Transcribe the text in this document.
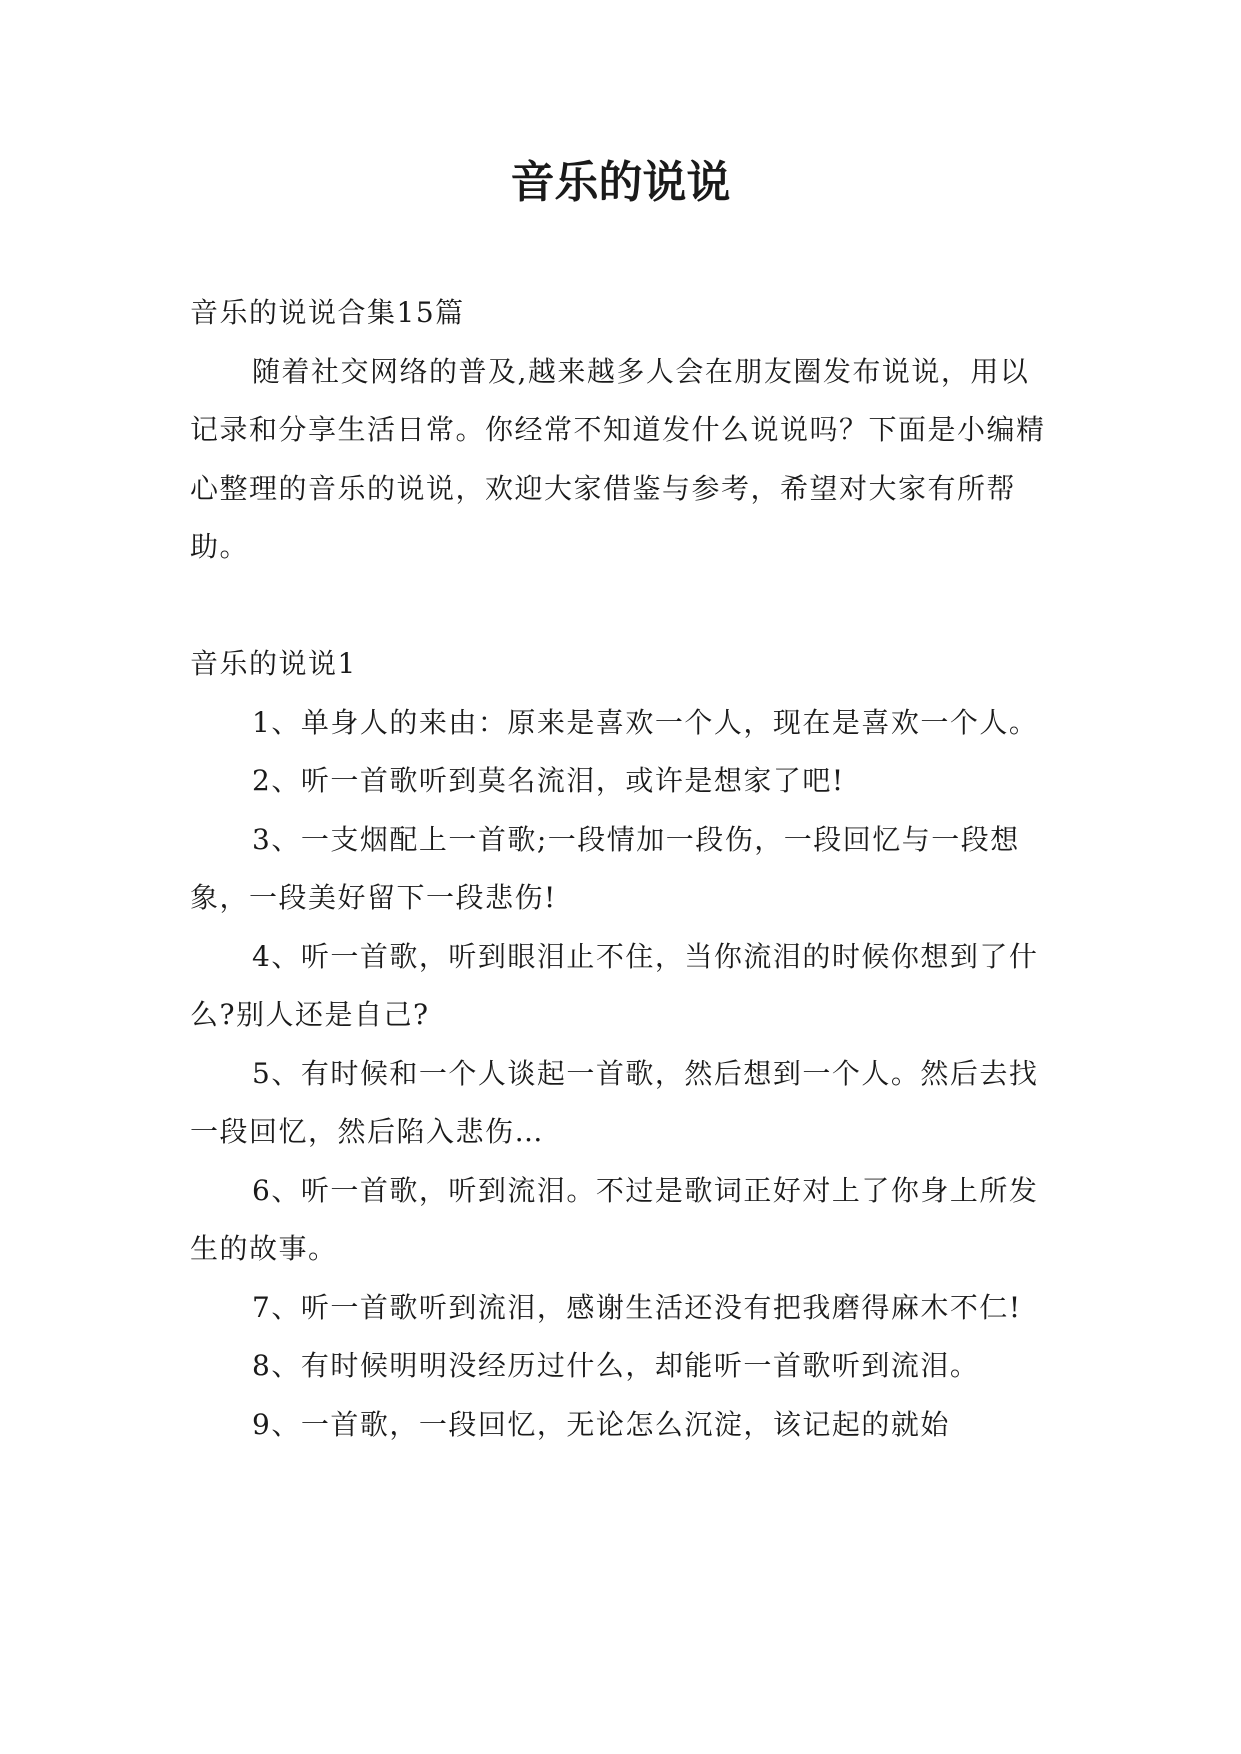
音乐的说说

音乐的说说合集15篇

随着社交网络的普及,越来越多人会在朋友圈发布说说，用以记录和分享生活日常。你经常不知道发什么说说吗？下面是小编精心整理的音乐的说说，欢迎大家借鉴与参考，希望对大家有所帮助。

音乐的说说1

1、单身人的来由：原来是喜欢一个人，现在是喜欢一个人。

2、听一首歌听到莫名流泪，或许是想家了吧!

3、一支烟配上一首歌;一段情加一段伤，一段回忆与一段想象，一段美好留下一段悲伤!

4、听一首歌，听到眼泪止不住，当你流泪的时候你想到了什么?别人还是自己?

5、有时候和一个人谈起一首歌，然后想到一个人。然后去找一段回忆，然后陷入悲伤…

6、听一首歌，听到流泪。不过是歌词正好对上了你身上所发生的故事。

7、听一首歌听到流泪，感谢生活还没有把我磨得麻木不仁!

8、有时候明明没经历过什么，却能听一首歌听到流泪。

9、一首歌，一段回忆，无论怎么沉淀，该记起的就始
